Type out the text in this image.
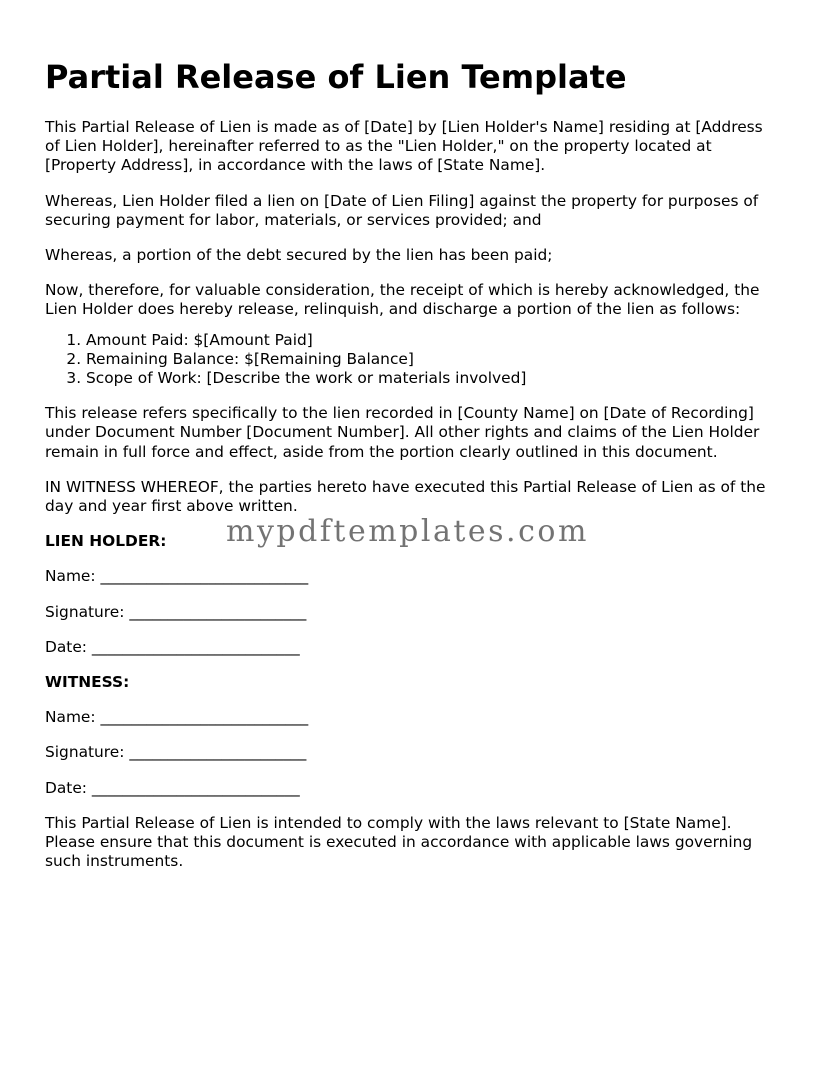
Partial Release of Lien Template

This Partial Release of Lien is made as of [Date] by [Lien Holder's Name] residing at [Address of Lien Holder], hereinafter referred to as the "Lien Holder," on the property located at [Property Address], in accordance with the laws of [State Name].

Whereas, Lien Holder filed a lien on [Date of Lien Filing] against the property for purposes of securing payment for labor, materials, or services provided; and

Whereas, a portion of the debt secured by the lien has been paid;

Now, therefore, for valuable consideration, the receipt of which is hereby acknowledged, the Lien Holder does hereby release, relinquish, and discharge a portion of the lien as follows:

1. Amount Paid: $[Amount Paid]
2. Remaining Balance: $[Remaining Balance]
3. Scope of Work: [Describe the work or materials involved]

This release refers specifically to the lien recorded in [County Name] on [Date of Recording] under Document Number [Document Number]. All other rights and claims of the Lien Holder remain in full force and effect, aside from the portion clearly outlined in this document.

IN WITNESS WHEREOF, the parties hereto have executed this Partial Release of Lien as of the day and year first above written.

LIEN HOLDER:

Name: ___________________________

Signature: _______________________

Date: ___________________________

WITNESS:

Name: ___________________________

Signature: _______________________

Date: ___________________________

This Partial Release of Lien is intended to comply with the laws relevant to [State Name]. Please ensure that this document is executed in accordance with applicable laws governing such instruments.

mypdftemplates.com
